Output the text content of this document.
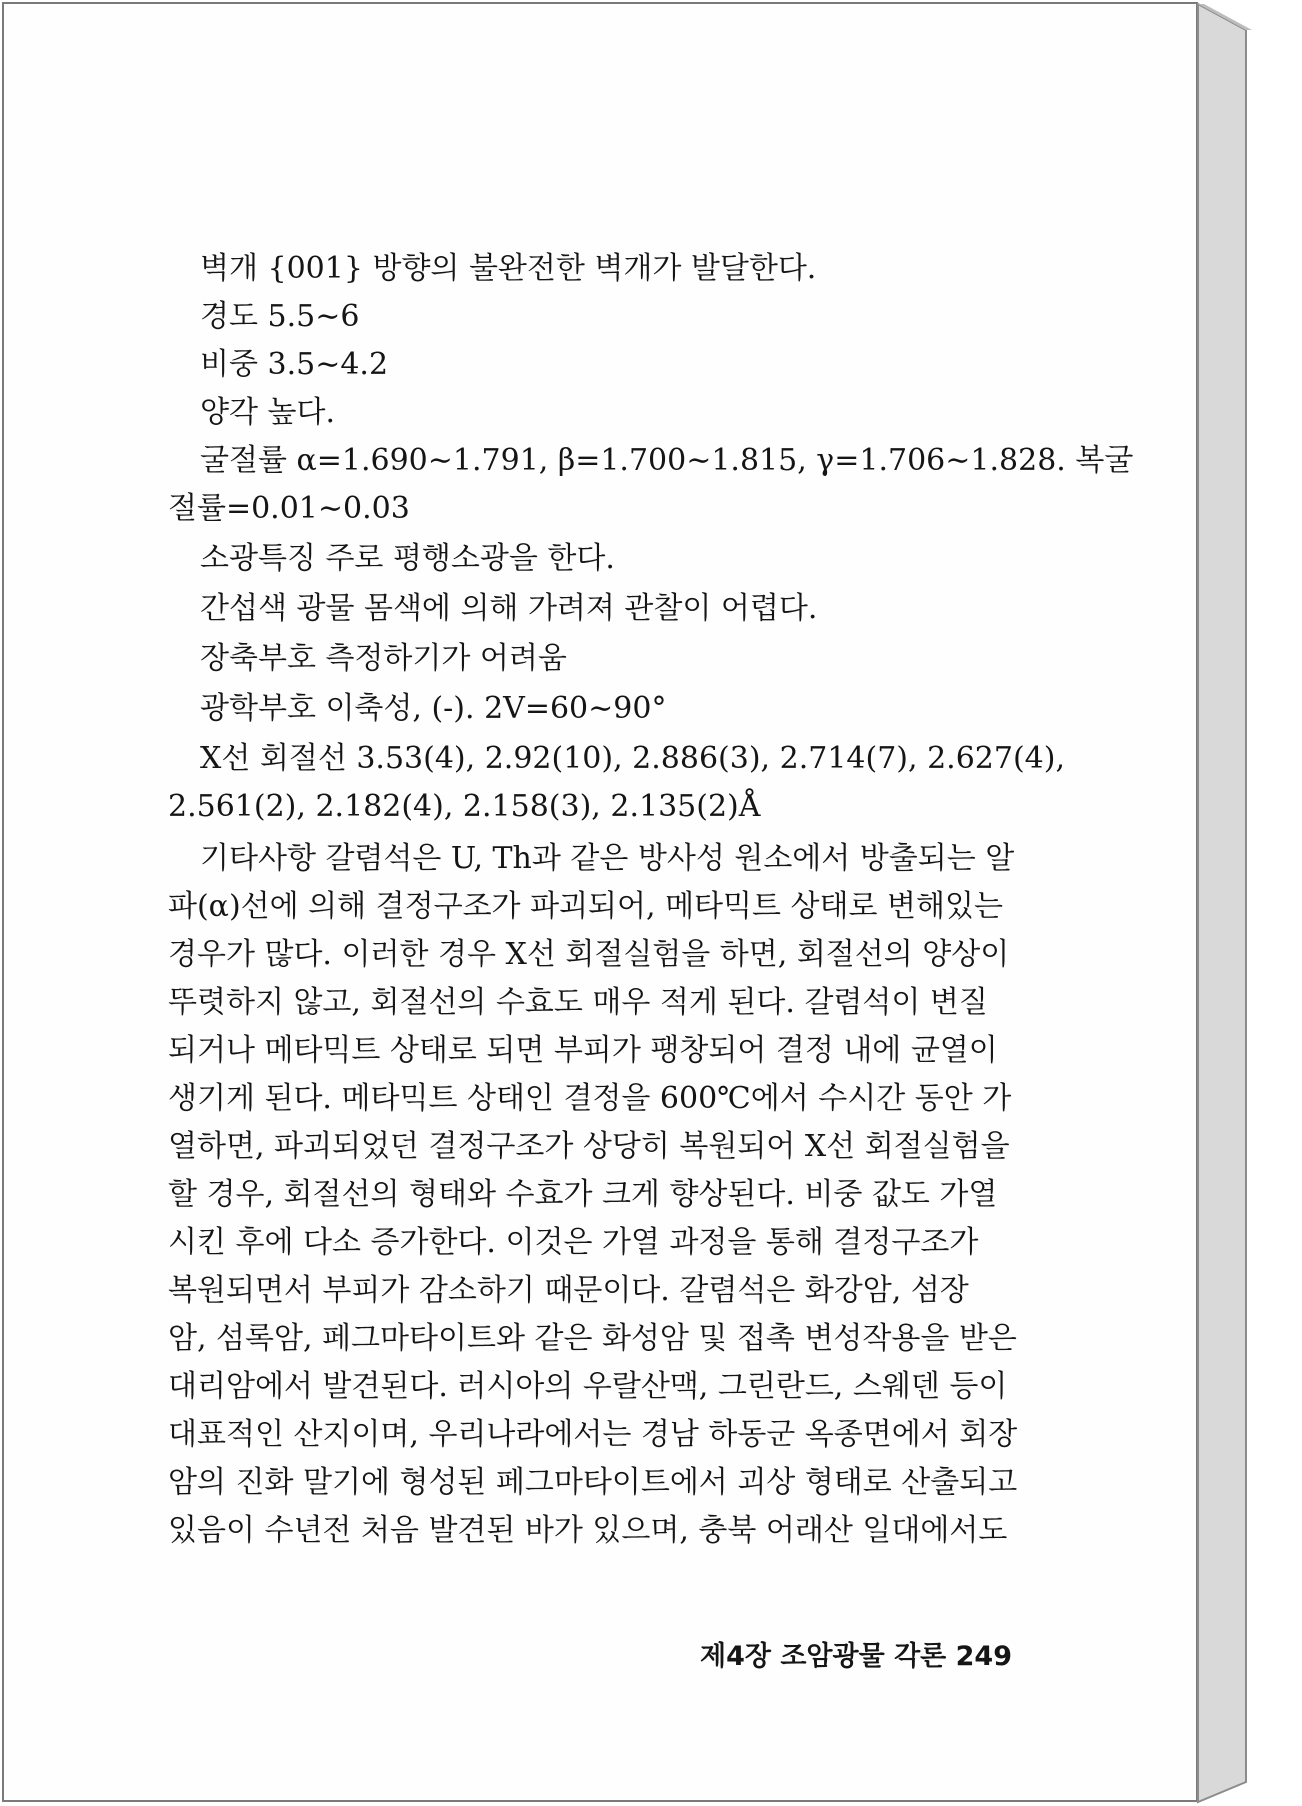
벽개 {001} 방향의 불완전한 벽개가 발달한다.
경도 5.5∼6
비중 3.5∼4.2
양각 높다.
굴절률 α=1.690∼1.791, β=1.700∼1.815, γ=1.706∼1.828. 복굴
절률=0.01∼0.03
소광특징 주로 평행소광을 한다.
간섭색 광물 몸색에 의해 가려져 관찰이 어렵다.
장축부호 측정하기가 어려움
광학부호 이축성, (-). 2V=60∼90°
X선 회절선 3.53(4), 2.92(10), 2.886(3), 2.714(7), 2.627(4),
2.561(2), 2.182(4), 2.158(3), 2.135(2)Å
기타사항 갈렴석은 U, Th과 같은 방사성 원소에서 방출되는 알
파(α)선에 의해 결정구조가 파괴되어, 메타믹트 상태로 변해있는
경우가 많다. 이러한 경우 X선 회절실험을 하면, 회절선의 양상이
뚜렷하지 않고, 회절선의 수효도 매우 적게 된다. 갈렴석이 변질
되거나 메타믹트 상태로 되면 부피가 팽창되어 결정 내에 균열이
생기게 된다. 메타믹트 상태인 결정을 600℃에서 수시간 동안 가
열하면, 파괴되었던 결정구조가 상당히 복원되어 X선 회절실험을
할 경우, 회절선의 형태와 수효가 크게 향상된다. 비중 값도 가열
시킨 후에 다소 증가한다. 이것은 가열 과정을 통해 결정구조가
복원되면서 부피가 감소하기 때문이다. 갈렴석은 화강암, 섬장
암, 섬록암, 페그마타이트와 같은 화성암 및 접촉 변성작용을 받은
대리암에서 발견된다. 러시아의 우랄산맥, 그린란드, 스웨덴 등이
대표적인 산지이며, 우리나라에서는 경남 하동군 옥종면에서 회장
암의 진화 말기에 형성된 페그마타이트에서 괴상 형태로 산출되고
있음이 수년전 처음 발견된 바가 있으며, 충북 어래산 일대에서도
제4장 조암광물 각론 249
